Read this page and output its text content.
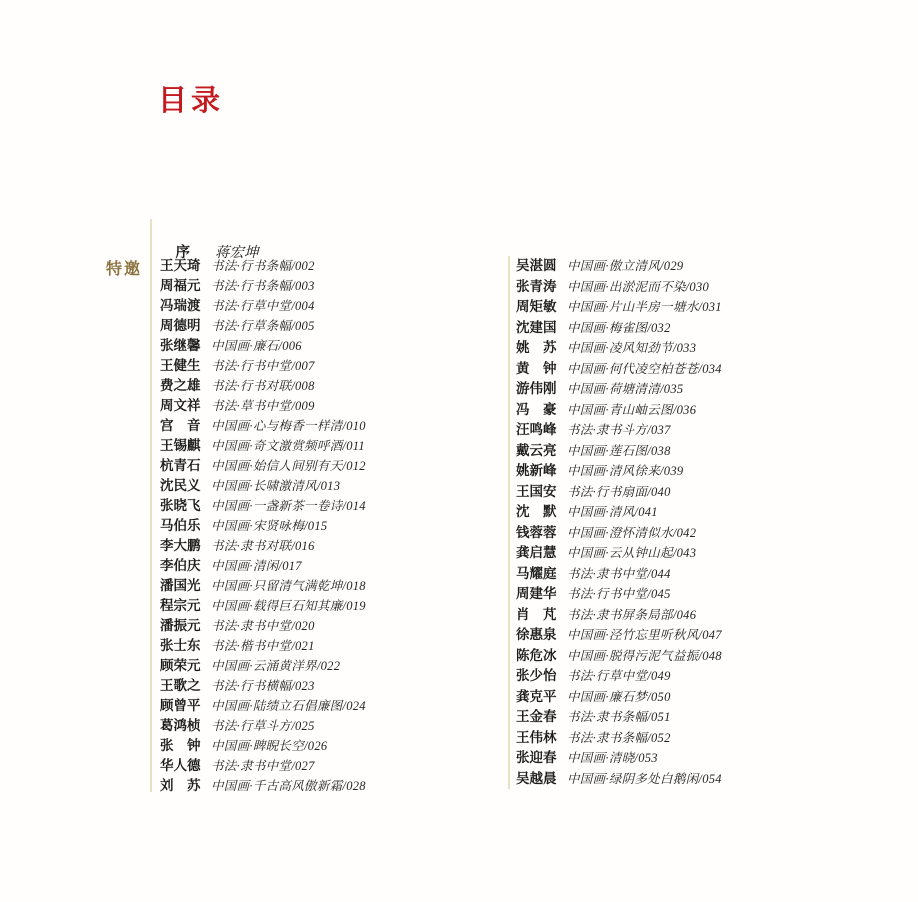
目录

序 蒋宏坤

特邀 王天琦 书法·行书条幅/002
周福元 书法·行书条幅/003
冯瑞渡 书法·行草中堂/004
周德明 书法·行草条幅/005
张继馨 中国画·廉石/006
王健生 书法·行书中堂/007
费之雄 书法·行书对联/008
周文祥 书法·草书中堂/009
宫　音 中国画·心与梅香一样清/010
王锡麒 中国画·奇文激赏频呼酒/011
杭青石 中国画·始信人间别有天/012
沈民义 中国画·长啸激清风/013
张晓飞 中国画·一盏新茶一卷诗/014
马伯乐 中国画·宋贤咏梅/015
李大鹏 书法·隶书对联/016
李伯庆 中国画·清闲/017
潘国光 中国画·只留清气满乾坤/018
程宗元 中国画·载得巨石知其廉/019
潘振元 书法·隶书中堂/020
张士东 书法·楷书中堂/021
顾荣元 中国画·云涌黄洋界/022
王歌之 书法·行书横幅/023
顾曾平 中国画·陆绩立石倡廉图/024
葛鸿桢 书法·行草斗方/025
张　钟 中国画·睥睨长空/026
华人德 书法·隶书中堂/027
刘　苏 中国画·千古高风傲新霜/028
吴湛圆 中国画·傲立清风/029
张青涛 中国画·出淤泥而不染/030
周矩敏 中国画·片山半房一塘水/031
沈建国 中国画·梅雀图/032
姚　苏 中国画·凌风知劲节/033
黄　钟 中国画·何代凌空柏苍苍/034
游伟刚 中国画·荷塘清清/035
冯　豪 中国画·青山岫云图/036
汪鸣峰 书法·隶书斗方/037
戴云亮 中国画·莲石图/038
姚新峰 中国画·清风徐来/039
王国安 书法·行书扇面/040
沈　默 中国画·清风/041
钱蓉蓉 中国画·澄怀清似水/042
龚启慧 中国画·云从钟山起/043
马耀庭 书法·隶书中堂/044
周建华 书法·行书中堂/045
肖　芃 书法·隶书屏条局部/046
徐惠泉 中国画·泾竹忘里听秋风/047
陈危冰 中国画·脱得污泥气益振/048
张少怡 书法·行草中堂/049
龚克平 中国画·廉石梦/050
王金春 书法·隶书条幅/051
王伟林 书法·隶书条幅/052
张迎春 中国画·清晓/053
吴越晨 中国画·绿阴多处白鹅闲/054
